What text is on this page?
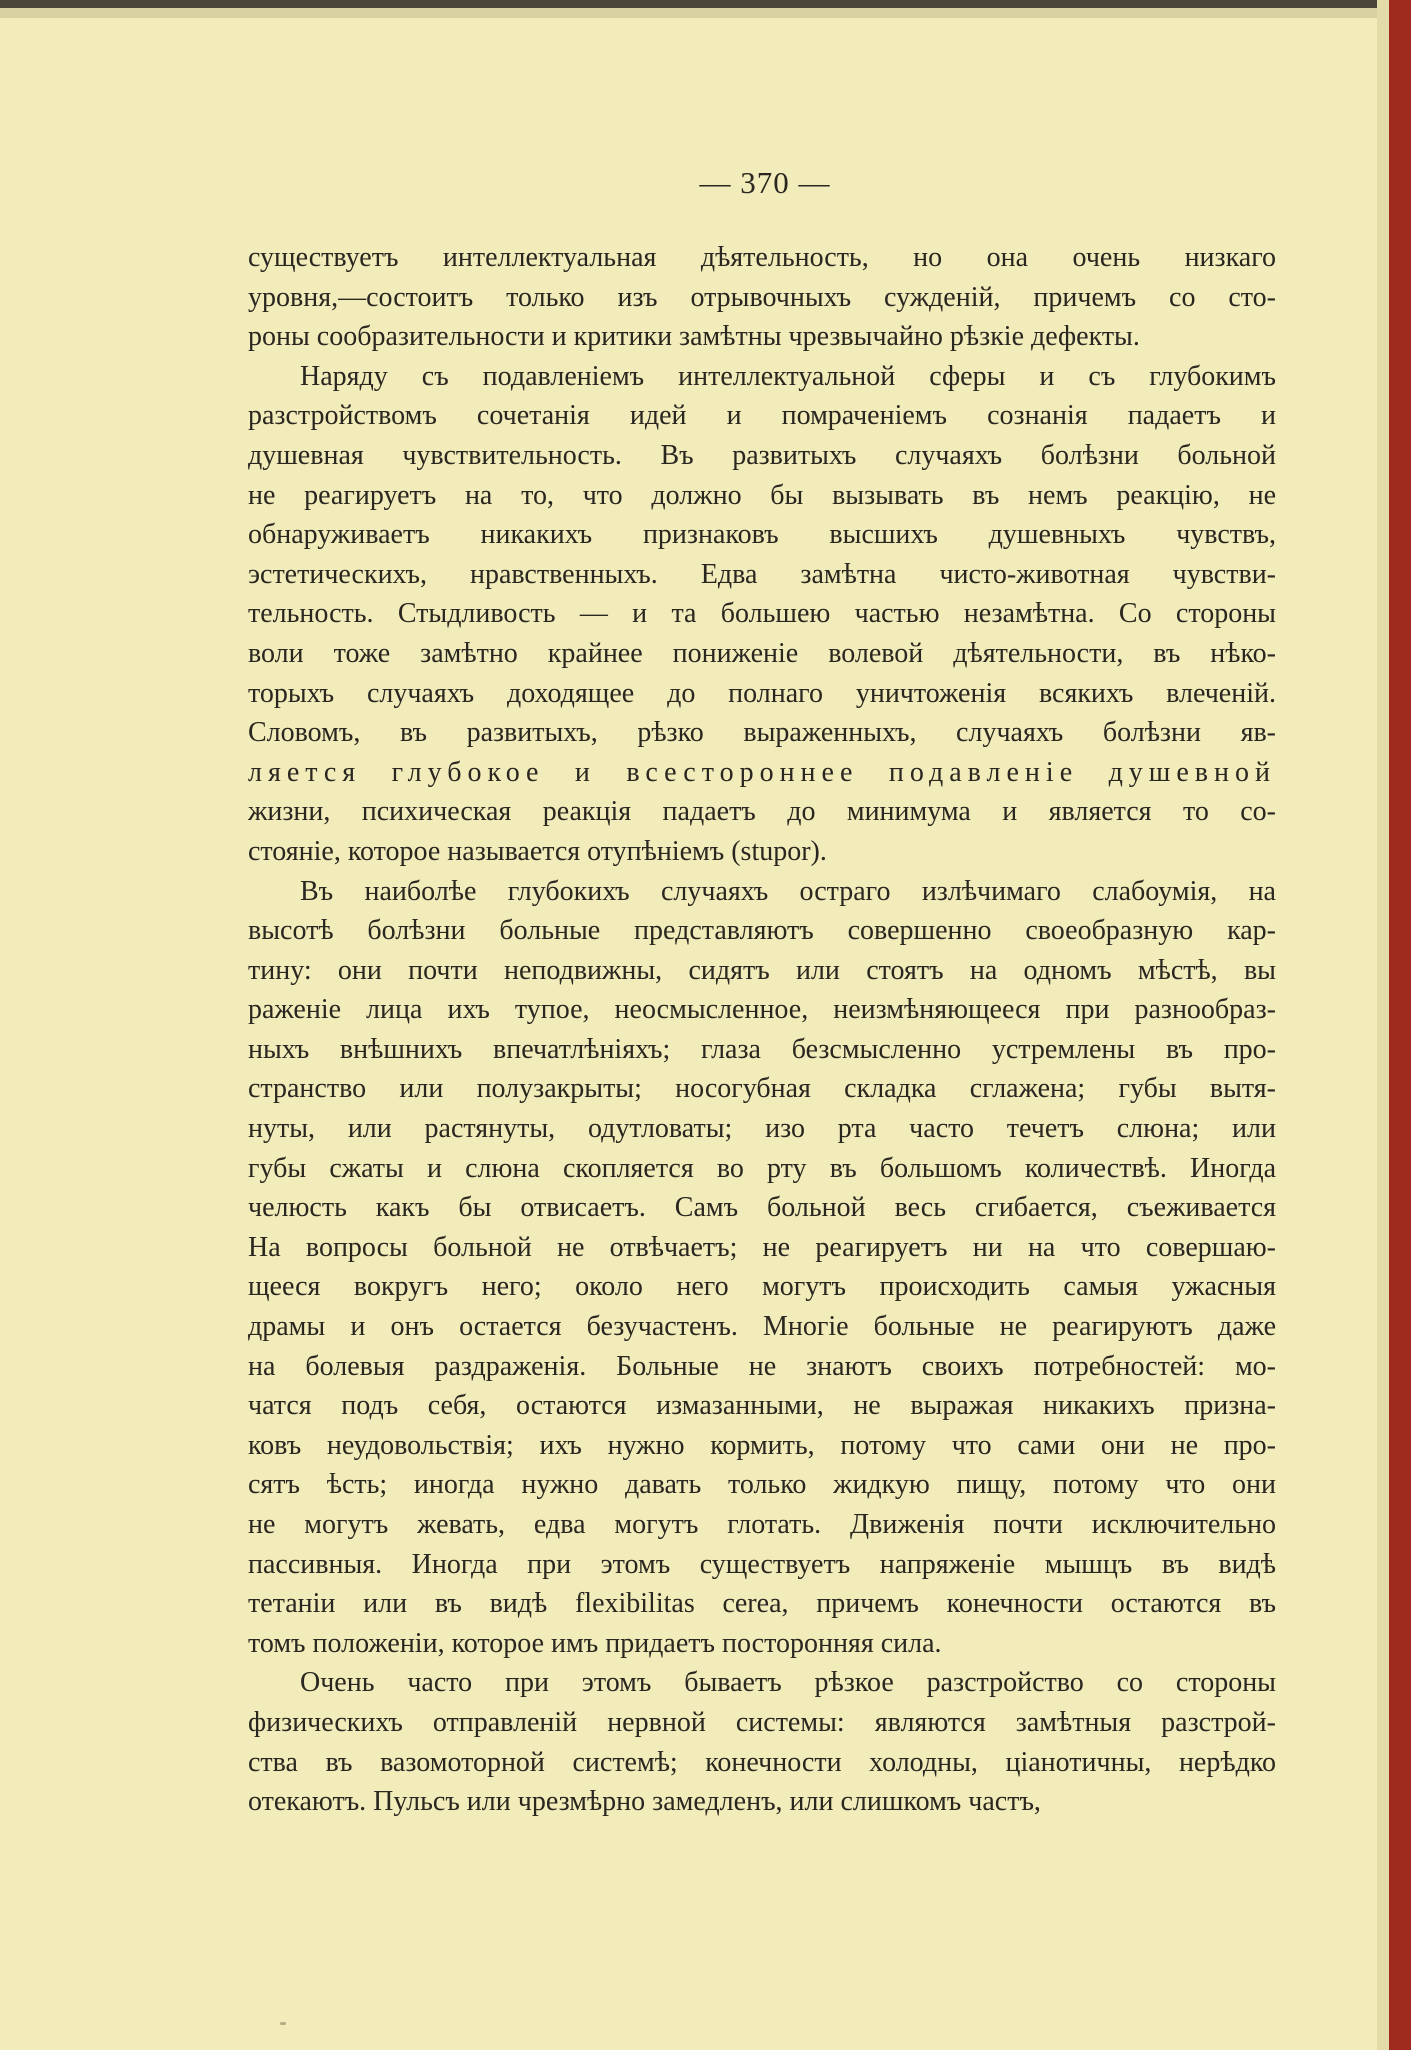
— 370 —

существуетъ интеллектуальная дѣятельность, но она очень низкаго
уровня,—состоитъ только изъ отрывочныхъ сужденій, причемъ со сто-
роны сообразительности и критики замѣтны чрезвычайно рѣзкіе дефекты.

Наряду съ подавленіемъ интеллектуальной сферы и съ глубокимъ
разстройствомъ сочетанія идей и помраченіемъ сознанія падаетъ и
душевная чувствительность. Въ развитыхъ случаяхъ болѣзни больной
не реагируетъ на то, что должно бы вызывать въ немъ реакцію, не
обнаруживаетъ никакихъ признаковъ высшихъ душевныхъ чувствъ,
эстетическихъ, нравственныхъ. Едва замѣтна чисто-животная чувстви-
тельность. Стыдливость — и та большею частью незамѣтна. Со стороны
воли тоже замѣтно крайнее пониженіе волевой дѣятельности, въ нѣко-
торыхъ случаяхъ доходящее до полнаго уничтоженія всякихъ влеченій.
Словомъ, въ развитыхъ, рѣзко выраженныхъ, случаяхъ болѣзни яв-
ляется глубокое и всестороннее подавленіе душевной
жизни, психическая реакція падаетъ до минимума и является то со-
стояніе, которое называется отупѣніемъ (stupor).

Въ наиболѣе глубокихъ случаяхъ остраго излѣчимаго слабоумія, на
высотѣ болѣзни больные представляютъ совершенно своеобразную кар-
тину: они почти неподвижны, сидятъ или стоятъ на одномъ мѣстѣ, вы
раженіе лица ихъ тупое, неосмысленное, неизмѣняющееся при разнообраз-
ныхъ внѣшнихъ впечатлѣніяхъ; глаза безсмысленно устремлены въ про-
странство или полузакрыты; носогубная складка сглажена; губы вытя-
нуты, или растянуты, одутловаты; изо рта часто течетъ слюна; или
губы сжаты и слюна скопляется во рту въ большомъ количествѣ. Иногда
челюсть какъ бы отвисаетъ. Самъ больной весь сгибается, съеживается
На вопросы больной не отвѣчаетъ; не реагируетъ ни на что совершаю-
щееся вокругъ него; около него могутъ происходить самыя ужасныя
драмы и онъ остается безучастенъ. Многіе больные не реагируютъ даже
на болевыя раздраженія. Больные не знаютъ своихъ потребностей: мо-
чатся подъ себя, остаются измазанными, не выражая никакихъ призна-
ковъ неудовольствія; ихъ нужно кормить, потому что сами они не про-
сятъ ѣсть; иногда нужно давать только жидкую пищу, потому что они
не могутъ жевать, едва могутъ глотать. Движенія почти исключительно
пассивныя. Иногда при этомъ существуетъ напряженіе мышцъ въ видѣ
тетаніи или въ видѣ flexibilitas cerea, причемъ конечности остаются въ
томъ положеніи, которое имъ придаетъ посторонняя сила.

Очень часто при этомъ бываетъ рѣзкое разстройство со стороны
физическихъ отправленій нервной системы: являются замѣтныя разстрой-
ства въ вазомоторной системѣ; конечности холодны, ціанотичны, нерѣдко
отекаютъ. Пульсъ или чрезмѣрно замедленъ, или слишкомъ частъ,
